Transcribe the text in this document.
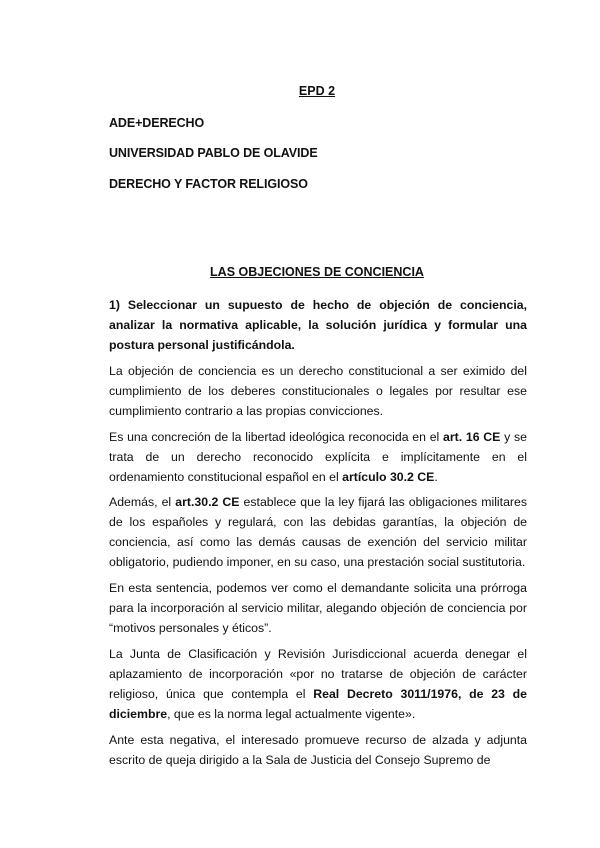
EPD 2
ADE+DERECHO
UNIVERSIDAD PABLO DE OLAVIDE
DERECHO Y FACTOR RELIGIOSO
LAS OBJECIONES DE CONCIENCIA
1) Seleccionar un supuesto de hecho de objeción de conciencia, analizar la normativa aplicable, la solución jurídica y formular una postura personal justificándola.
La objeción de conciencia es un derecho constitucional a ser eximido del cumplimiento de los deberes constitucionales o legales por resultar ese cumplimiento contrario a las propias convicciones.
Es una concreción de la libertad ideológica reconocida en el art. 16 CE y se trata de un derecho reconocido explícita e implícitamente en el ordenamiento constitucional español en el artículo 30.2 CE.
Además, el art.30.2 CE establece que la ley fijará las obligaciones militares de los españoles y regulará, con las debidas garantías, la objeción de conciencia, así como las demás causas de exención del servicio militar obligatorio, pudiendo imponer, en su caso, una prestación social sustitutoria.
En esta sentencia, podemos ver como el demandante solicita una prórroga para la incorporación al servicio militar, alegando objeción de conciencia por “motivos personales y éticos”.
La Junta de Clasificación y Revisión Jurisdiccional acuerda denegar el aplazamiento de incorporación «por no tratarse de objeción de carácter religioso, única que contempla el Real Decreto 3011/1976, de 23 de diciembre, que es la norma legal actualmente vigente».
Ante esta negativa, el interesado promueve recurso de alzada y adjunta escrito de queja dirigido a la Sala de Justicia del Consejo Supremo de
